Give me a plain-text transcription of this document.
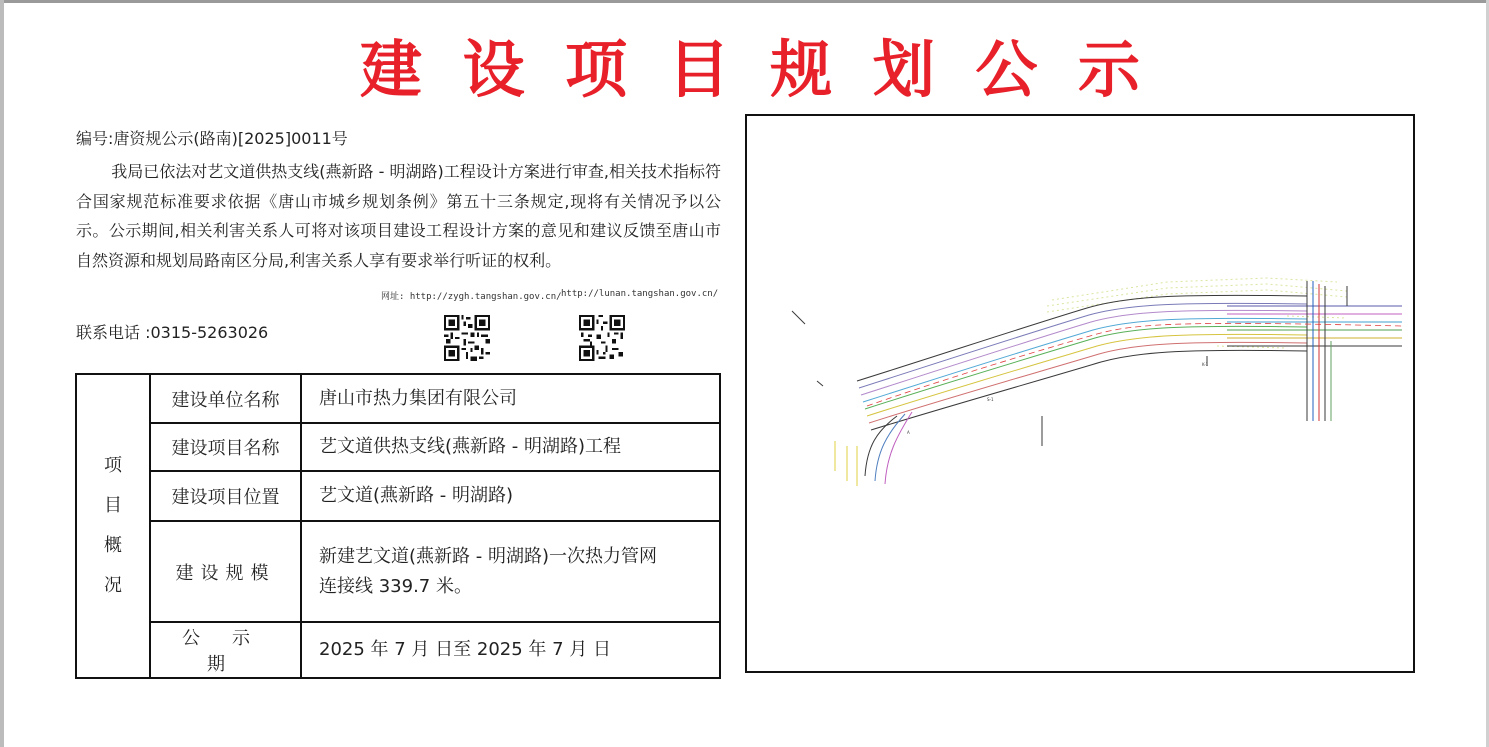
建 设 项 目 规 划 公 示
编号:唐资规公示(路南)[2025]0011号
我局已依法对艺文道供热支线(燕新路 - 明湖路)工程设计方案进行审查,相关技术指标符合国家规范标准要求依据《唐山市城乡规划条例》第五十三条规定,现将有关情况予以公示。公示期间,相关利害关系人可将对该项目建设工程设计方案的意见和建议反馈至唐山市自然资源和规划局路南区分局,利害关系人享有要求举行听证的权利。
网址: http://zygh.tangshan.gov.cn/ http://lunan.tangshan.gov.cn/
联系电话 :0315-5263026
项
目
概
况	建设单位名称	唐山市热力集团有限公司
	建设项目名称	艺文道供热支线(燕新路 - 明湖路)工程
	建设项目位置	艺文道(燕新路 - 明湖路)
	建设规模	新建艺文道(燕新路 - 明湖路)一次热力管网
连接线 339.7 米。

	公示期	2025 年 7 月 日至 2025 年 7 月 日
S-1
K-1
A
